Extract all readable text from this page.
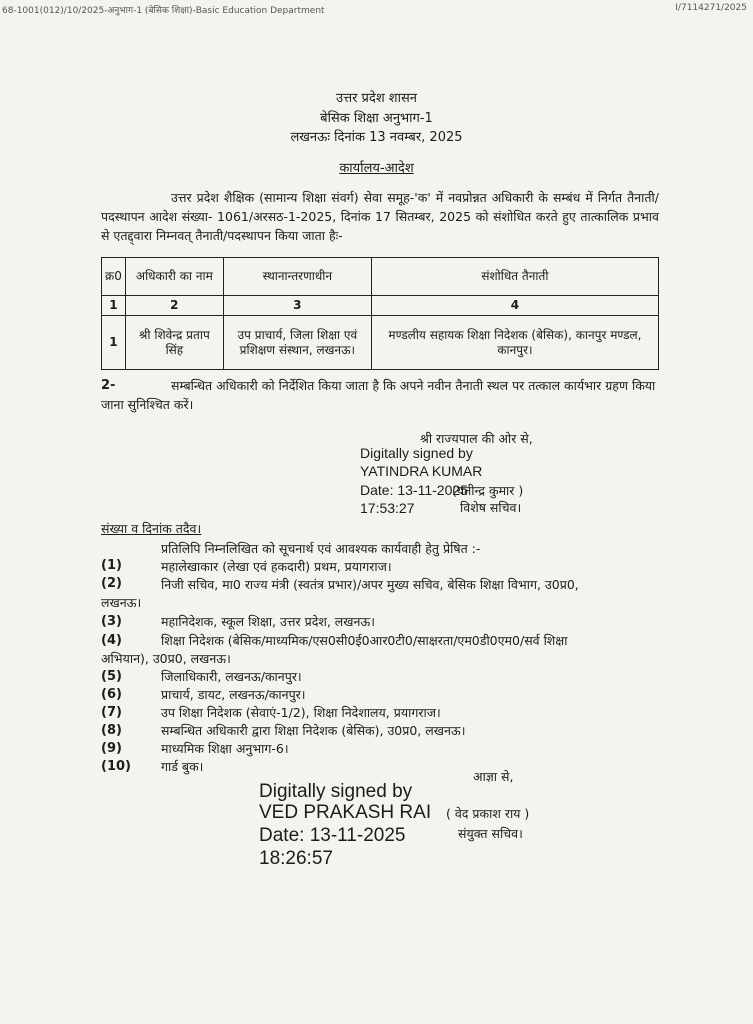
68-1001(012)/10/2025-अनुभाग-1 (बेसिक शिक्षा)-Basic Education Department	I/7114271/2025
उत्तर प्रदेश शासन
बेसिक शिक्षा अनुभाग-1
लखनऊः दिनांक 13 नवम्बर, 2025
कार्यालय-आदेश
उत्तर प्रदेश शैक्षिक (सामान्य शिक्षा संवर्ग) सेवा समूह-'क' में नवप्रोन्नत अधिकारी के सम्बंध में निर्गत तैनाती/ पदस्थापन आदेश संख्या- 1061/अरसठ-1-2025, दिनांक 17 सितम्बर, 2025 को संशोधित करते हुए तात्कालिक प्रभाव से एतद्द्वारा निम्नवत् तैनाती/पदस्थापन किया जाता हैः-
क्र0	अधिकारी का नाम	स्थानान्तरणाधीन	संशोधित तैनाती
1	2	3	4
1	श्री शिवेन्द्र प्रताप सिंह	उप प्राचार्य, जिला शिक्षा एवं प्रशिक्षण संस्थान, लखनऊ।	मण्डलीय सहायक शिक्षा निदेशक (बेसिक), कानपुर मण्डल, कानपुर।
2-	सम्बन्धित अधिकारी को निर्देशित किया जाता है कि अपने नवीन तैनाती स्थल पर तत्काल कार्यभार ग्रहण किया जाना सुनिश्चित करें।
श्री राज्यपाल की ओर से,
Digitally signed by
YATINDRA KUMAR
Date: 13-11-2025
(यतीन्द्र कुमार )
17:53:27	विशेष सचिव।
संख्या व दिनांक तदैव।
प्रतिलिपि निम्नलिखित को सूचनार्थ एवं आवश्यक कार्यवाही हेतु प्रेषित :-
(1)	महालेखाकार (लेखा एवं हकदारी) प्रथम, प्रयागराज।
(2)	निजी सचिव, मा0 राज्य मंत्री (स्वतंत्र प्रभार)/अपर मुख्य सचिव, बेसिक शिक्षा विभाग, उ0प्र0,
लखनऊ।
(3)	महानिदेशक, स्कूल शिक्षा, उत्तर प्रदेश, लखनऊ।
(4)	शिक्षा निदेशक (बेसिक/माध्यमिक/एस0सी0ई0आर0टी0/साक्षरता/एम0डी0एम0/सर्व शिक्षा
अभियान), उ0प्र0, लखनऊ।
(5)	जिलाधिकारी, लखनऊ/कानपुर।
(6)	प्राचार्य, डायट, लखनऊ/कानपुर।
(7)	उप शिक्षा निदेशक (सेवाएं-1/2), शिक्षा निदेशालय, प्रयागराज।
(8)	सम्बन्धित अधिकारी द्वारा शिक्षा निदेशक (बेसिक), उ0प्र0, लखनऊ।
(9)	माध्यमिक शिक्षा अनुभाग-6।
(10) गार्ड बुक।
आज्ञा से,
Digitally signed by
VED PRAKASH RAI ( वेद प्रकाश राय )
Date: 13-11-2025	संयुक्त सचिव।
18:26:57
